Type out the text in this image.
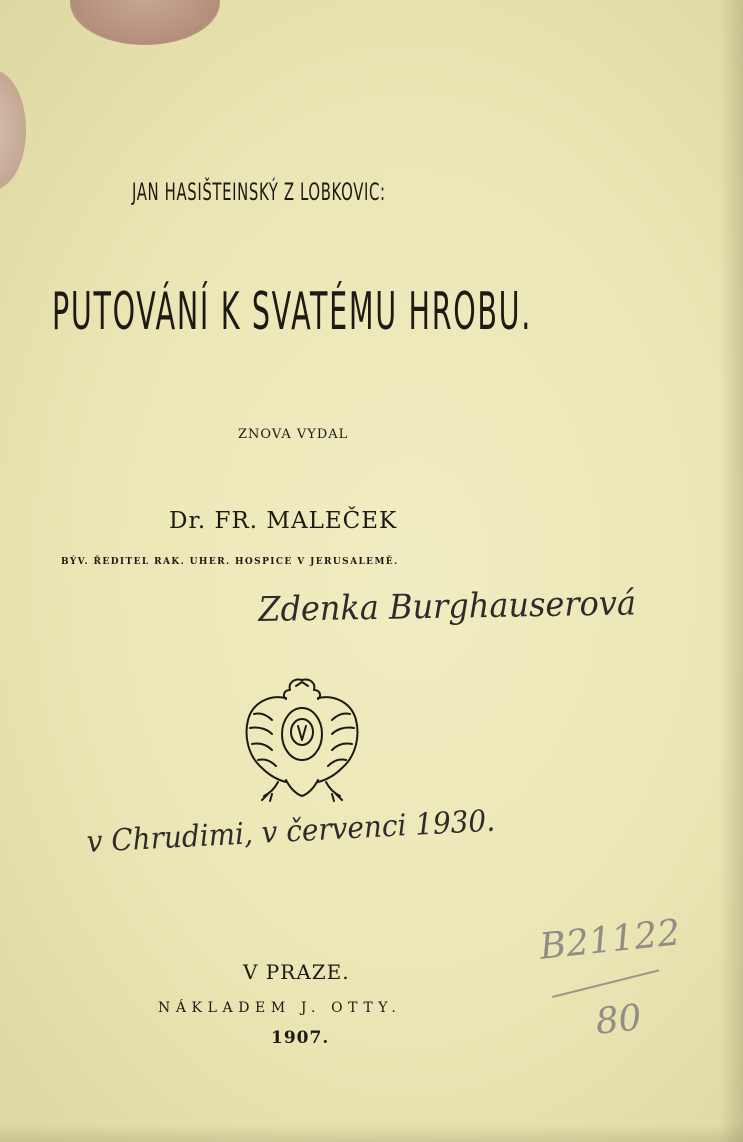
JAN HASIŠTEINSKÝ Z LOBKOVIC:

PUTOVÁNÍ K SVATÉMU HROBU.

ZNOVA VYDAL

Dr. FR. MALEČEK

BÝV. ŘEDITEL RAK. UHER. HOSPICE V JERUSALEMĚ.

Zdenka Burghauserová

v Chrudimi, v červenci 1930.

V PRAZE.

NÁKLADEM J. OTTY.

1907.

B21122

80
